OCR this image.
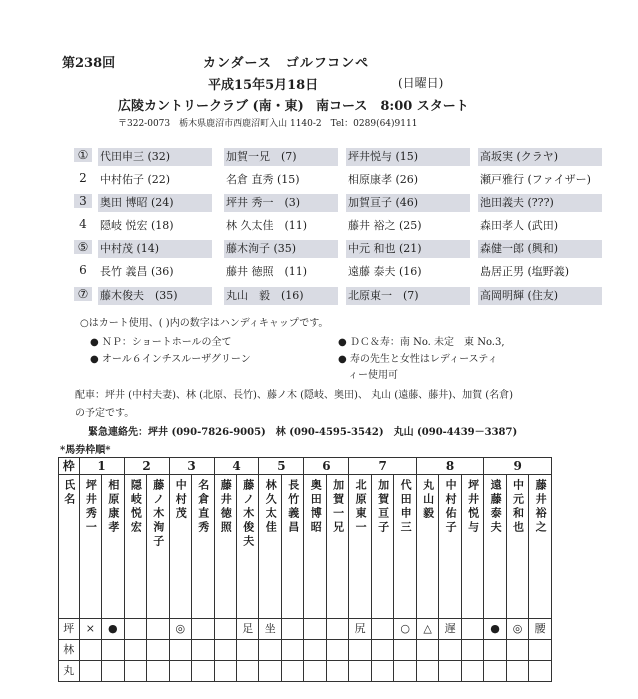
第238回	カンダース　ゴルフコンペ
平成15年5月18日	(日曜日)
広陵カントリークラブ (南・東) 南コース　8:00 スタート
〒322-0073　栃木県鹿沼市西鹿沼町入山 1140-2　Tel：0289(64)9111
①	代田申三 (32)	加賀一兄　(7)	坪井悦与 (15)	高坂実 (クラヤ)
2	中村佑子 (22)	名倉 直秀 (15)	相原康孝 (26)	瀬戸雅行 (ファイザー)
3	奥田 博昭 (24)	坪井 秀一　(3)	加賀亘子 (46)	池田義夫 (???)
4	隠岐 悦宏 (18)	林 久太佳　(11)	藤井 裕之 (25)	森田孝人 (武田)
⑤	中村茂 (14)	藤木洵子 (35)	中元 和也 (21)	森健一郎 (興和)
6	長竹 義昌 (36)	藤井 徳照　(11)	遠藤 泰夫 (16)	島居正男 (塩野義)
⑦	藤木俊夫　(35)	丸山　毅　(16)	北原東一　(7)	高岡明輝 (住友)
○はカート使用、( )内の数字はハンディキャップです。
● ＮＰ：ショートホールの全て	● ＤＣ＆寿：南 No. 未定　東 No.3,
● オール６インチスルーザグリーン	● 寿の先生と女性はレディースティ
ィー使用可
配車：坪井 (中村夫妻)、林 (北原、長竹)、藤ノ木 (隠岐、奥田)、 丸山 (遠藤、藤井)、加賀 (名倉)
の予定です。
緊急連絡先：坪井 (090-7826-9005)　林 (090-4595-3542)　丸山 (090-4439－3387)
*馬券枠順*
枠	1		2		3		4		5		6		7			8			9		

氏名	坪井秀一	相原康孝	隠岐悦宏	藤ノ木洵子	中村茂	名倉直秀	藤井徳照	藤ノ木俊夫	林久太佳	長竹義昌	奥田博昭	加賀一兄	北原東一	加賀亘子	代田申三	丸山毅	中村佑子	坪井悦与	遠藤泰夫	中元和也	藤井裕之

坪	×	●			◎			足	坐				尻		○	△	遅		●	◎	腰
林																					
丸																					
